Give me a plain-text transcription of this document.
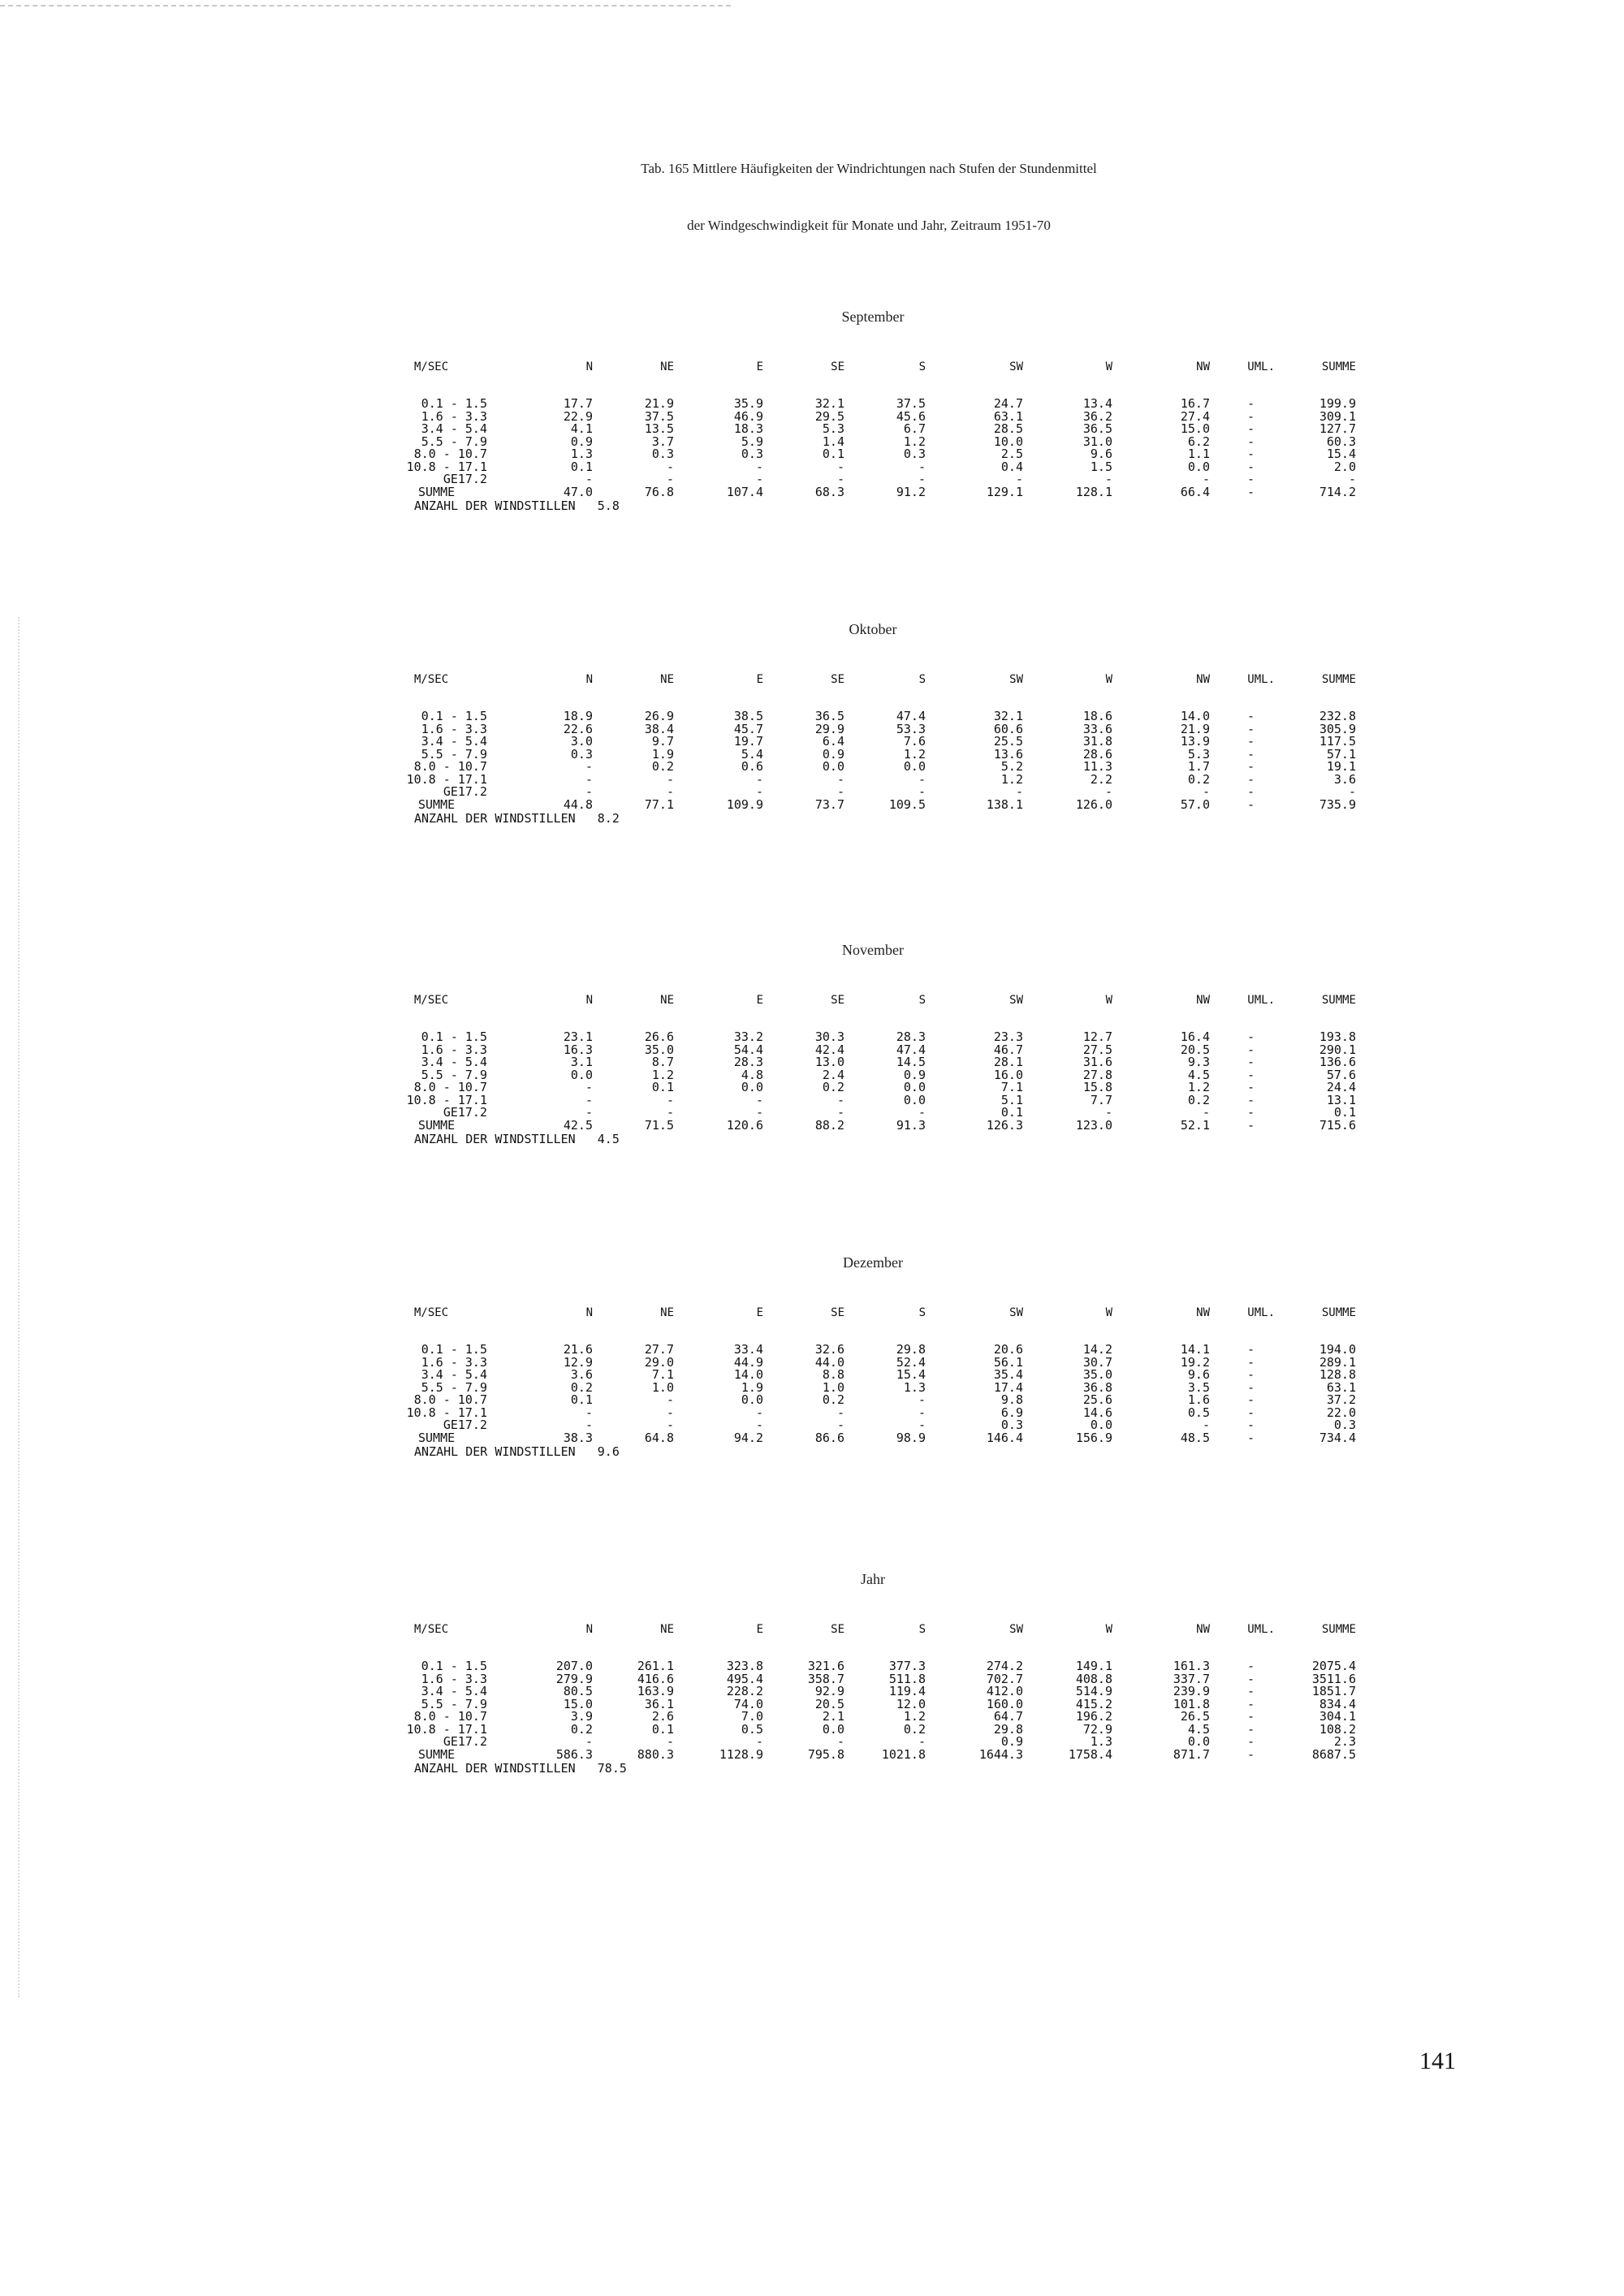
Tab. 165 Mittlere Häufigkeiten der Windrichtungen nach Stufen der Stundenmittel
der Windgeschwindigkeit für Monate und Jahr, Zeitraum 1951-70
September
M/SEC	N	NE	E	SE	S	SW	W	NW	UML.	SUMME
0.1 - 1.5	17.7	21.9	35.9	32.1	37.5	24.7	13.4	16.7	-	199.9
1.6 - 3.3	22.9	37.5	46.9	29.5	45.6	63.1	36.2	27.4	-	309.1
3.4 - 5.4	4.1	13.5	18.3	5.3	6.7	28.5	36.5	15.0	-	127.7
5.5 - 7.9	0.9	3.7	5.9	1.4	1.2	10.0	31.0	6.2	-	60.3
8.0 - 10.7	1.3	0.3	0.3	0.1	0.3	2.5	9.6	1.1	-	15.4
10.8 - 17.1	0.1	-	-	-	-	0.4	1.5	0.0	-	2.0
GE17.2	-	-	-	-	-	-	-	-	-	-
SUMME	47.0	76.8	107.4	68.3	91.2	129.1	128.1	66.4	-	714.2
ANZAHL DER WINDSTILLEN   5.8
Oktober
M/SEC	N	NE	E	SE	S	SW	W	NW	UML.	SUMME
0.1 - 1.5	18.9	26.9	38.5	36.5	47.4	32.1	18.6	14.0	-	232.8
1.6 - 3.3	22.6	38.4	45.7	29.9	53.3	60.6	33.6	21.9	-	305.9
3.4 - 5.4	3.0	9.7	19.7	6.4	7.6	25.5	31.8	13.9	-	117.5
5.5 - 7.9	0.3	1.9	5.4	0.9	1.2	13.6	28.6	5.3	-	57.1
8.0 - 10.7	-	0.2	0.6	0.0	0.0	5.2	11.3	1.7	-	19.1
10.8 - 17.1	-	-	-	-	-	1.2	2.2	0.2	-	3.6
GE17.2	-	-	-	-	-	-	-	-	-	-
SUMME	44.8	77.1	109.9	73.7	109.5	138.1	126.0	57.0	-	735.9
ANZAHL DER WINDSTILLEN   8.2
November
M/SEC	N	NE	E	SE	S	SW	W	NW	UML.	SUMME
0.1 - 1.5	23.1	26.6	33.2	30.3	28.3	23.3	12.7	16.4	-	193.8
1.6 - 3.3	16.3	35.0	54.4	42.4	47.4	46.7	27.5	20.5	-	290.1
3.4 - 5.4	3.1	8.7	28.3	13.0	14.5	28.1	31.6	9.3	-	136.6
5.5 - 7.9	0.0	1.2	4.8	2.4	0.9	16.0	27.8	4.5	-	57.6
8.0 - 10.7	-	0.1	0.0	0.2	0.0	7.1	15.8	1.2	-	24.4
10.8 - 17.1	-	-	-	-	0.0	5.1	7.7	0.2	-	13.1
GE17.2	-	-	-	-	-	0.1	-	-	-	0.1
SUMME	42.5	71.5	120.6	88.2	91.3	126.3	123.0	52.1	-	715.6
ANZAHL DER WINDSTILLEN   4.5
Dezember
M/SEC	N	NE	E	SE	S	SW	W	NW	UML.	SUMME
0.1 - 1.5	21.6	27.7	33.4	32.6	29.8	20.6	14.2	14.1	-	194.0
1.6 - 3.3	12.9	29.0	44.9	44.0	52.4	56.1	30.7	19.2	-	289.1
3.4 - 5.4	3.6	7.1	14.0	8.8	15.4	35.4	35.0	9.6	-	128.8
5.5 - 7.9	0.2	1.0	1.9	1.0	1.3	17.4	36.8	3.5	-	63.1
8.0 - 10.7	0.1	-	0.0	0.2	-	9.8	25.6	1.6	-	37.2
10.8 - 17.1	-	-	-	-	-	6.9	14.6	0.5	-	22.0
GE17.2	-	-	-	-	-	0.3	0.0	-	-	0.3
SUMME	38.3	64.8	94.2	86.6	98.9	146.4	156.9	48.5	-	734.4
ANZAHL DER WINDSTILLEN   9.6
Jahr
M/SEC	N	NE	E	SE	S	SW	W	NW	UML.	SUMME
0.1 - 1.5	207.0	261.1	323.8	321.6	377.3	274.2	149.1	161.3	-	2075.4
1.6 - 3.3	279.9	416.6	495.4	358.7	511.8	702.7	408.8	337.7	-	3511.6
3.4 - 5.4	80.5	163.9	228.2	92.9	119.4	412.0	514.9	239.9	-	1851.7
5.5 - 7.9	15.0	36.1	74.0	20.5	12.0	160.0	415.2	101.8	-	834.4
8.0 - 10.7	3.9	2.6	7.0	2.1	1.2	64.7	196.2	26.5	-	304.1
10.8 - 17.1	0.2	0.1	0.5	0.0	0.2	29.8	72.9	4.5	-	108.2
GE17.2	-	-	-	-	-	0.9	1.3	0.0	-	2.3
SUMME	586.3	880.3	1128.9	795.8	1021.8	1644.3	1758.4	871.7	-	8687.5
ANZAHL DER WINDSTILLEN   78.5
141
